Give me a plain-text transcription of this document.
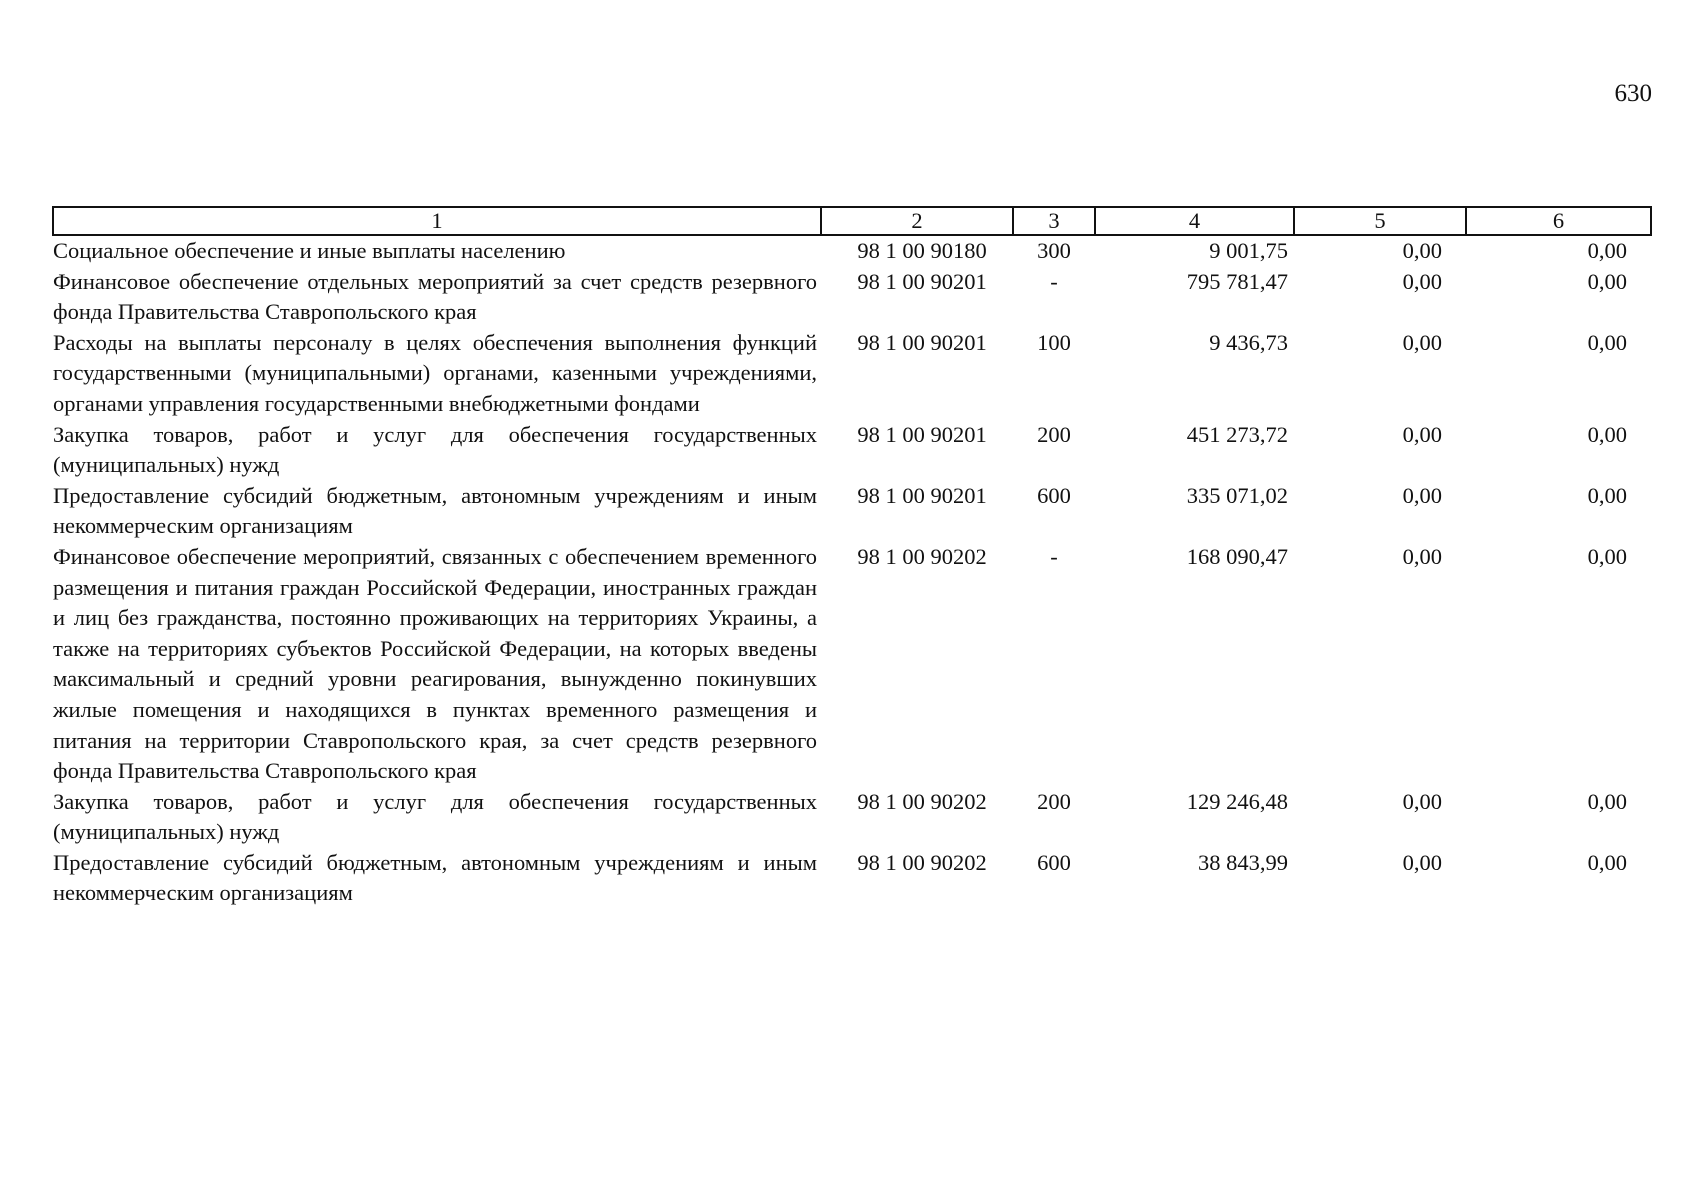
630
1	2	3	4	5	6
Социальное обеспечение и иные выплаты населению	98 1 00 90180	300	9 001,75	0,00	0,00
Финансовое обеспечение отдельных мероприятий за счет средств резервного фонда Правительства Ставропольского края	98 1 00 90201	-	795 781,47	0,00	0,00
Расходы на выплаты персоналу в целях обеспечения выполнения функций государственными (муниципальными) органами, казенными учреждениями, органами управления государственными внебюджетными фондами	98 1 00 90201	100	9 436,73	0,00	0,00
Закупка товаров, работ и услуг для обеспечения государственных (муниципальных) нужд	98 1 00 90201	200	451 273,72	0,00	0,00
Предоставление субсидий бюджетным, автономным учреждениям и иным некоммерческим организациям	98 1 00 90201	600	335 071,02	0,00	0,00
Финансовое обеспечение мероприятий, связанных с обеспечением временного размещения и питания граждан Российской Федерации, иностранных граждан и лиц без гражданства, постоянно проживающих на территориях Украины, а также на территориях субъектов Российской Федерации, на которых введены максимальный и средний уровни реагирования, вынужденно покинувших жилые помещения и находящихся в пунктах временного размещения и питания на территории Ставропольского края, за счет средств резервного фонда Правительства Ставропольского края	98 1 00 90202	-	168 090,47	0,00	0,00
Закупка товаров, работ и услуг для обеспечения государственных (муниципальных) нужд	98 1 00 90202	200	129 246,48	0,00	0,00
Предоставление субсидий бюджетным, автономным учреждениям и иным некоммерческим организациям	98 1 00 90202	600	38 843,99	0,00	0,00
